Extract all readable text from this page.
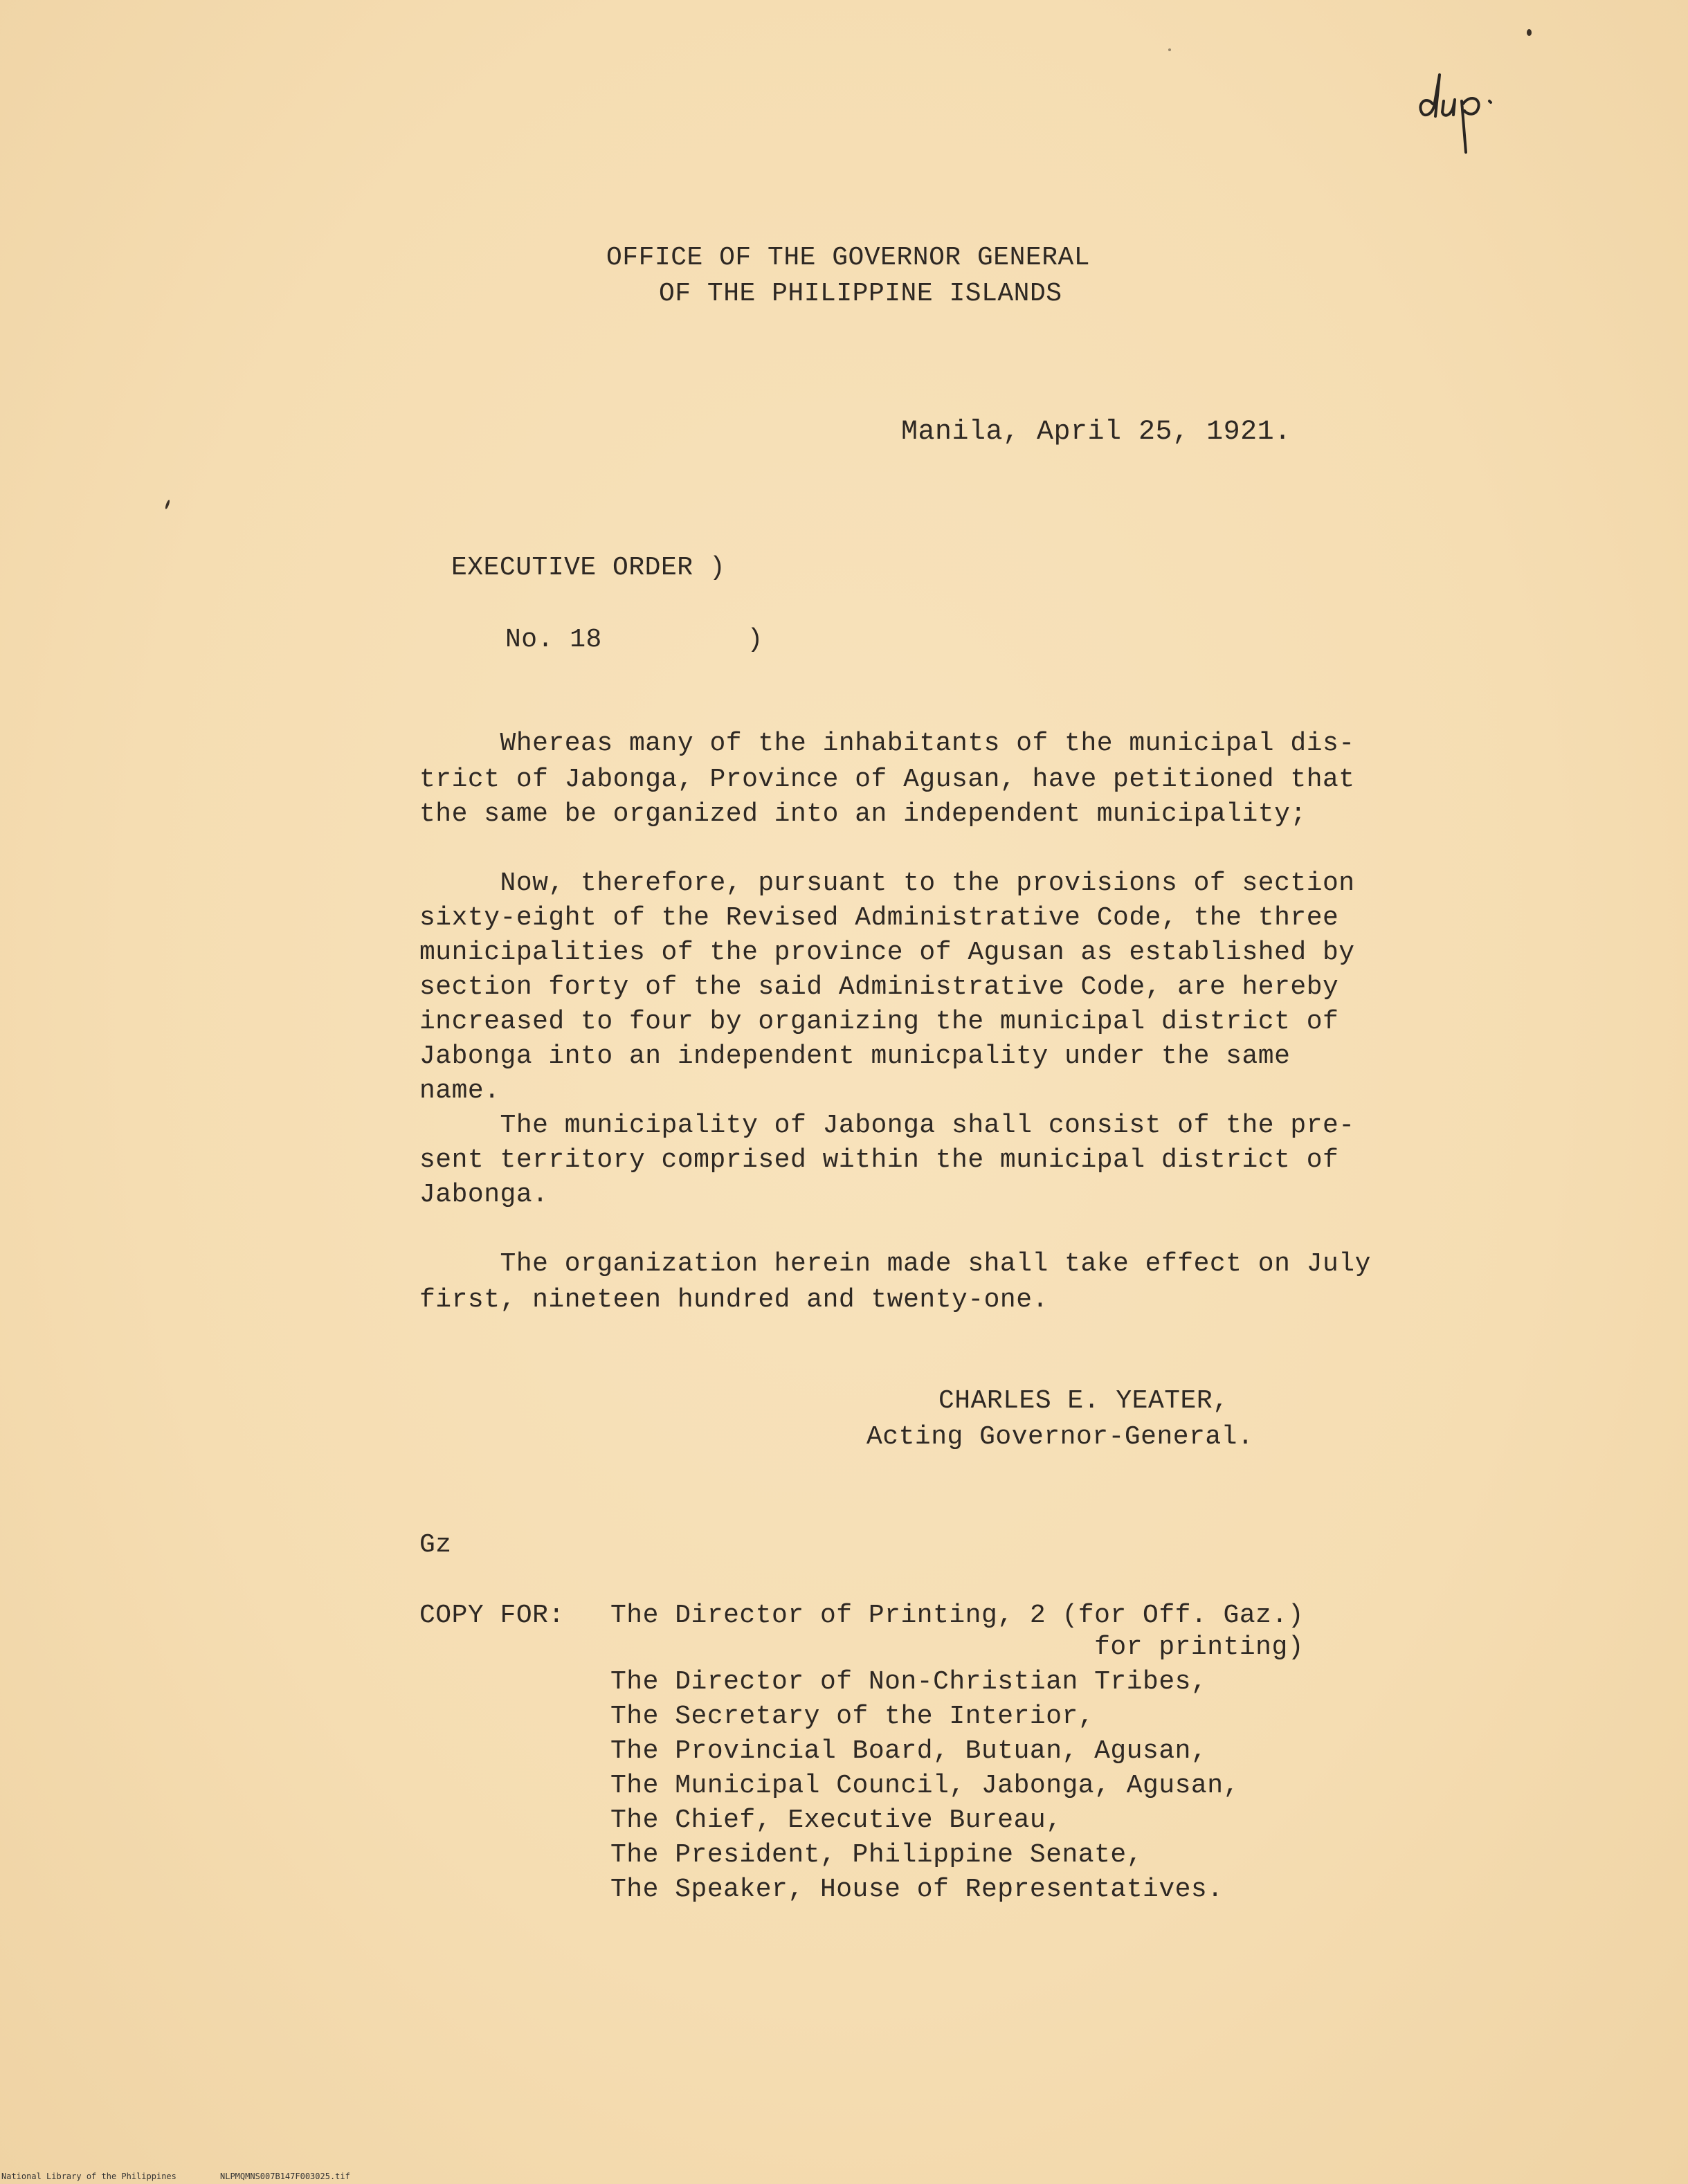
dup.
OFFICE OF THE GOVERNOR GENERAL
OF THE PHILIPPINE ISLANDS
Manila, April 25, 1921.
EXECUTIVE ORDER )
No. 18         )
Whereas many of the inhabitants of the municipal dis-
trict of Jabonga, Province of Agusan, have petitioned that
the same be organized into an independent municipality;
Now, therefore, pursuant to the provisions of section
sixty-eight of the Revised Administrative Code, the three
municipalities of the province of Agusan as established by
section forty of the said Administrative Code, are hereby
increased to four by organizing the municipal district of
Jabonga into an independent municpality under the same
name.
The municipality of Jabonga shall consist of the pre-
sent territory comprised within the municipal district of
Jabonga.
The organization herein made shall take effect on July
first, nineteen hundred and twenty-one.
CHARLES E. YEATER,
Acting Governor-General.
Gz
COPY FOR: The Director of Printing, 2 (for Off. Gaz.)
for printing)
The Director of Non-Christian Tribes,
The Secretary of the Interior,
The Provincial Board, Butuan, Agusan,
The Municipal Council, Jabonga, Agusan,
The Chief, Executive Bureau,
The President, Philippine Senate,
The Speaker, House of Representatives.
National Library of the Philippines	NLPMQMNS007B147F003025.tif
